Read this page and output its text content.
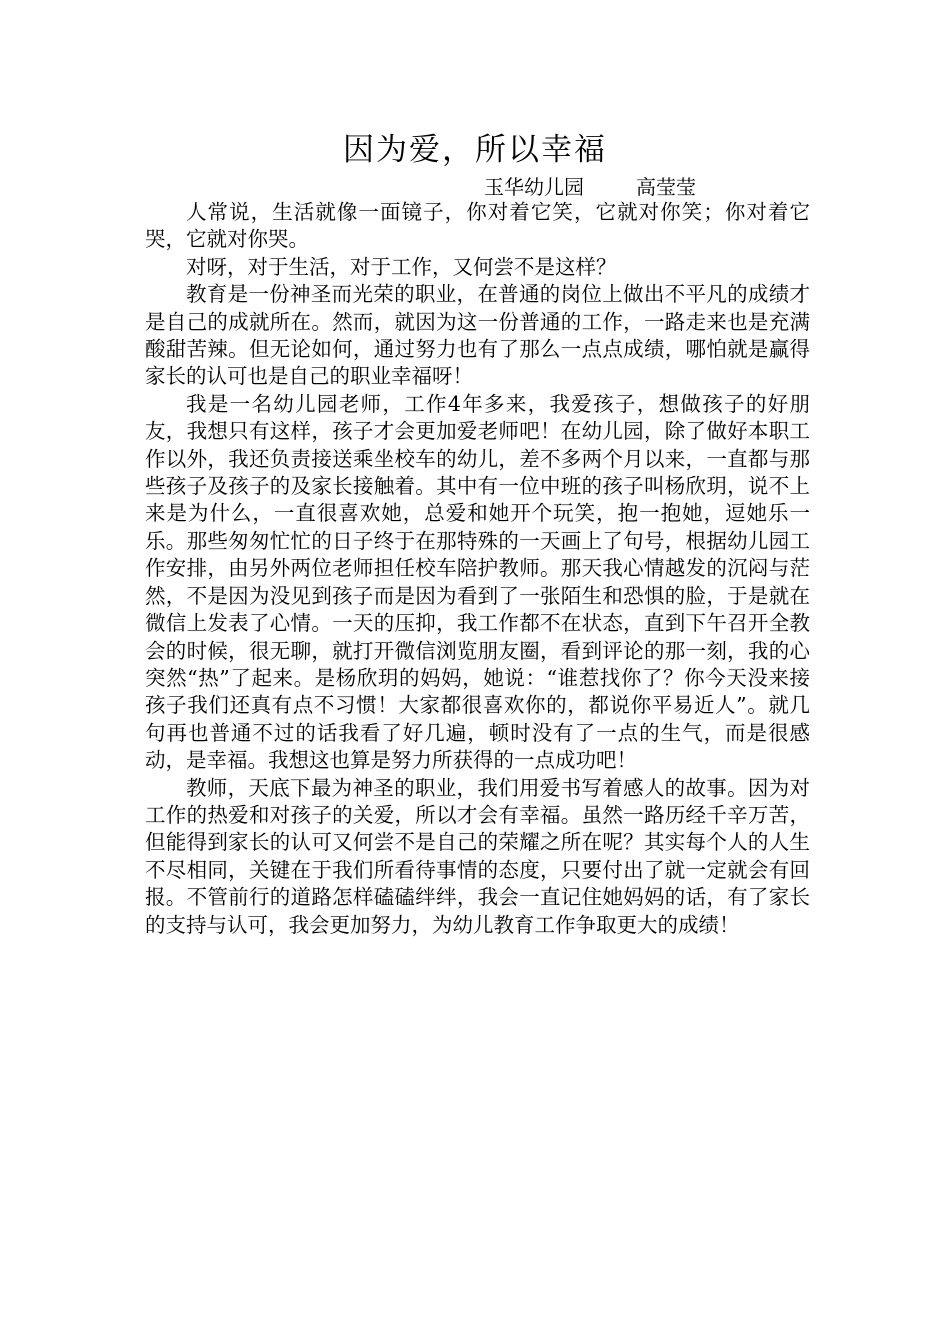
因为爱，所以幸福
玉华幼儿园	高莹莹

人常说，生活就像一面镜子，你对着它笑，它就对你笑；你对着它哭，它就对你哭。

对呀，对于生活，对于工作，又何尝不是这样？

教育是一份神圣而光荣的职业，在普通的岗位上做出不平凡的成绩才是自己的成就所在。然而，就因为这一份普通的工作，一路走来也是充满酸甜苦辣。但无论如何，通过努力也有了那么一点点成绩，哪怕就是赢得家长的认可也是自己的职业幸福呀！

我是一名幼儿园老师，工作4年多来，我爱孩子，想做孩子的好朋友，我想只有这样，孩子才会更加爱老师吧！在幼儿园，除了做好本职工作以外，我还负责接送乘坐校车的幼儿，差不多两个月以来，一直都与那些孩子及孩子的及家长接触着。其中有一位中班的孩子叫杨欣玥，说不上来是为什么，一直很喜欢她，总爱和她开个玩笑，抱一抱她，逗她乐一乐。那些匆匆忙忙的日子终于在那特殊的一天画上了句号，根据幼儿园工作安排，由另外两位老师担任校车陪护教师。那天我心情越发的沉闷与茫然，不是因为没见到孩子而是因为看到了一张陌生和恐惧的脸，于是就在微信上发表了心情。一天的压抑，我工作都不在状态，直到下午召开全教会的时候，很无聊，就打开微信浏览朋友圈，看到评论的那一刻，我的心突然“热”了起来。是杨欣玥的妈妈，她说：“谁惹找你了？你今天没来接孩子我们还真有点不习惯！大家都很喜欢你的，都说你平易近人”。就几句再也普通不过的话我看了好几遍，顿时没有了一点的生气，而是很感动，是幸福。我想这也算是努力所获得的一点成功吧！

教师，天底下最为神圣的职业，我们用爱书写着感人的故事。因为对工作的热爱和对孩子的关爱，所以才会有幸福。虽然一路历经千辛万苦，但能得到家长的认可又何尝不是自己的荣耀之所在呢？其实每个人的人生不尽相同，关键在于我们所看待事情的态度，只要付出了就一定就会有回报。不管前行的道路怎样磕磕绊绊，我会一直记住她妈妈的话，有了家长的支持与认可，我会更加努力，为幼儿教育工作争取更大的成绩！
